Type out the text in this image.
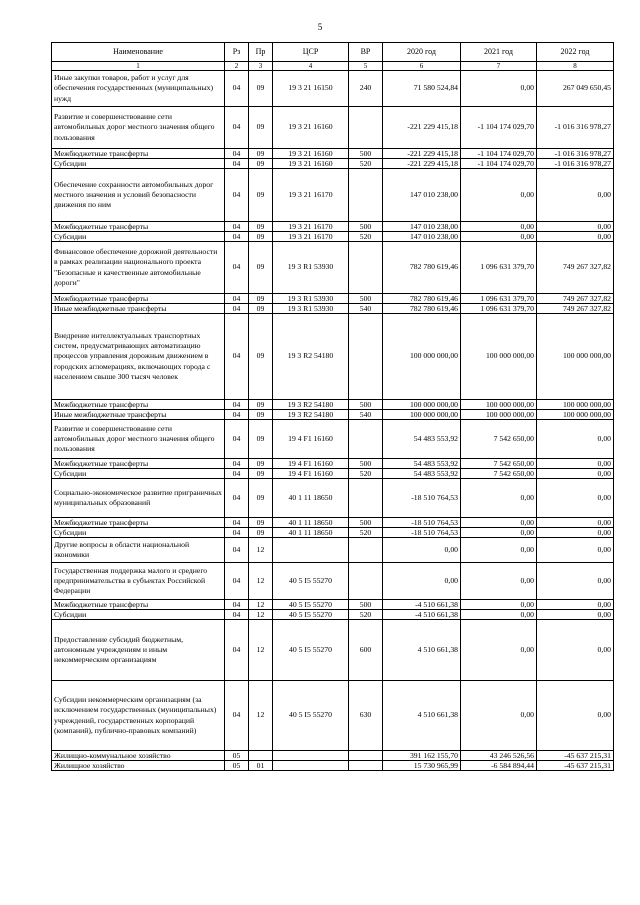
5
Наименование	Рз	Пр	ЦСР	ВР	2020 год	2021 год	2022 год
1	2	3	4	5	6	7	8
Иные закупки товаров, работ и услуг для обеспечения государственных (муниципальных) нужд	04	09	19 3 21 16150	240	71 580 524,84	0,00	267 049 650,45
Развитие и совершенствование сети автомобильных дорог местного значения общего пользования	04	09	19 3 21 16160		-221 229 415,18	-1 104 174 029,70	-1 016 316 978,27
Межбюджетные трансферты	04	09	19 3 21 16160	500	-221 229 415,18	-1 104 174 029,70	-1 016 316 978,27
Субсидии	04	09	19 3 21 16160	520	-221 229 415,18	-1 104 174 029,70	-1 016 316 978,27
Обеспечение сохранности автомобильных дорог местного значения и условий безопасности движения по ним	04	09	19 3 21 16170		147 010 238,00	0,00	0,00
Межбюджетные трансферты	04	09	19 3 21 16170	500	147 010 238,00	0,00	0,00
Субсидии	04	09	19 3 21 16170	520	147 010 238,00	0,00	0,00
Финансовое обеспечение дорожной деятельности в рамках реализации национального проекта "Безопасные и качественные автомобильные дороги"	04	09	19 3 R1 53930		782 780 619,46	1 096 631 379,70	749 267 327,82
Межбюджетные трансферты	04	09	19 3 R1 53930	500	782 780 619,46	1 096 631 379,70	749 267 327,82
Иные межбюджетные трансферты	04	09	19 3 R1 53930	540	782 780 619,46	1 096 631 379,70	749 267 327,82
Внедрение интеллектуальных транспортных систем, предусматривающих автоматизацию процессов управления дорожным движением в городских агломерациях, включающих города с населением свыше 300 тысяч человек	04	09	19 3 R2 54180		100 000 000,00	100 000 000,00	100 000 000,00
Межбюджетные трансферты	04	09	19 3 R2 54180	500	100 000 000,00	100 000 000,00	100 000 000,00
Иные межбюджетные трансферты	04	09	19 3 R2 54180	540	100 000 000,00	100 000 000,00	100 000 000,00
Развитие и совершенствование сети автомобильных дорог местного значения общего пользования	04	09	19 4 F1 16160		54 483 553,92	7 542 650,00	0,00
Межбюджетные трансферты	04	09	19 4 F1 16160	500	54 483 553,92	7 542 650,00	0,00
Субсидии	04	09	19 4 F1 16160	520	54 483 553,92	7 542 650,00	0,00
Социально-экономическое развитие приграничных муниципальных образований	04	09	40 1 11 18650		-18 510 764,53	0,00	0,00
Межбюджетные трансферты	04	09	40 1 11 18650	500	-18 510 764,53	0,00	0,00
Субсидии	04	09	40 1 11 18650	520	-18 510 764,53	0,00	0,00
Другие вопросы в области национальной экономики	04	12			0,00	0,00	0,00
Государственная поддержка малого и среднего предпринимательства в субъектах Российской Федерации	04	12	40 5 I5 55270		0,00	0,00	0,00
Межбюджетные трансферты	04	12	40 5 I5 55270	500	-4 510 661,38	0,00	0,00
Субсидии	04	12	40 5 I5 55270	520	-4 510 661,38	0,00	0,00
Предоставление субсидий бюджетным, автономным учреждениям и иным некоммерческим организациям	04	12	40 5 I5 55270	600	4 510 661,38	0,00	0,00
Субсидии некоммерческим организациям (за исключением государственных (муниципальных) учреждений, государственных корпораций (компаний), публично-правовых компаний)	04	12	40 5 I5 55270	630	4 510 661,38	0,00	0,00
Жилищно-коммунальное хозяйство	05				391 162 155,70	43 246 526,56	-45 637 215,31
Жилищное хозяйство	05	01			15 730 965,99	-6 584 894,44	-45 637 215,31
